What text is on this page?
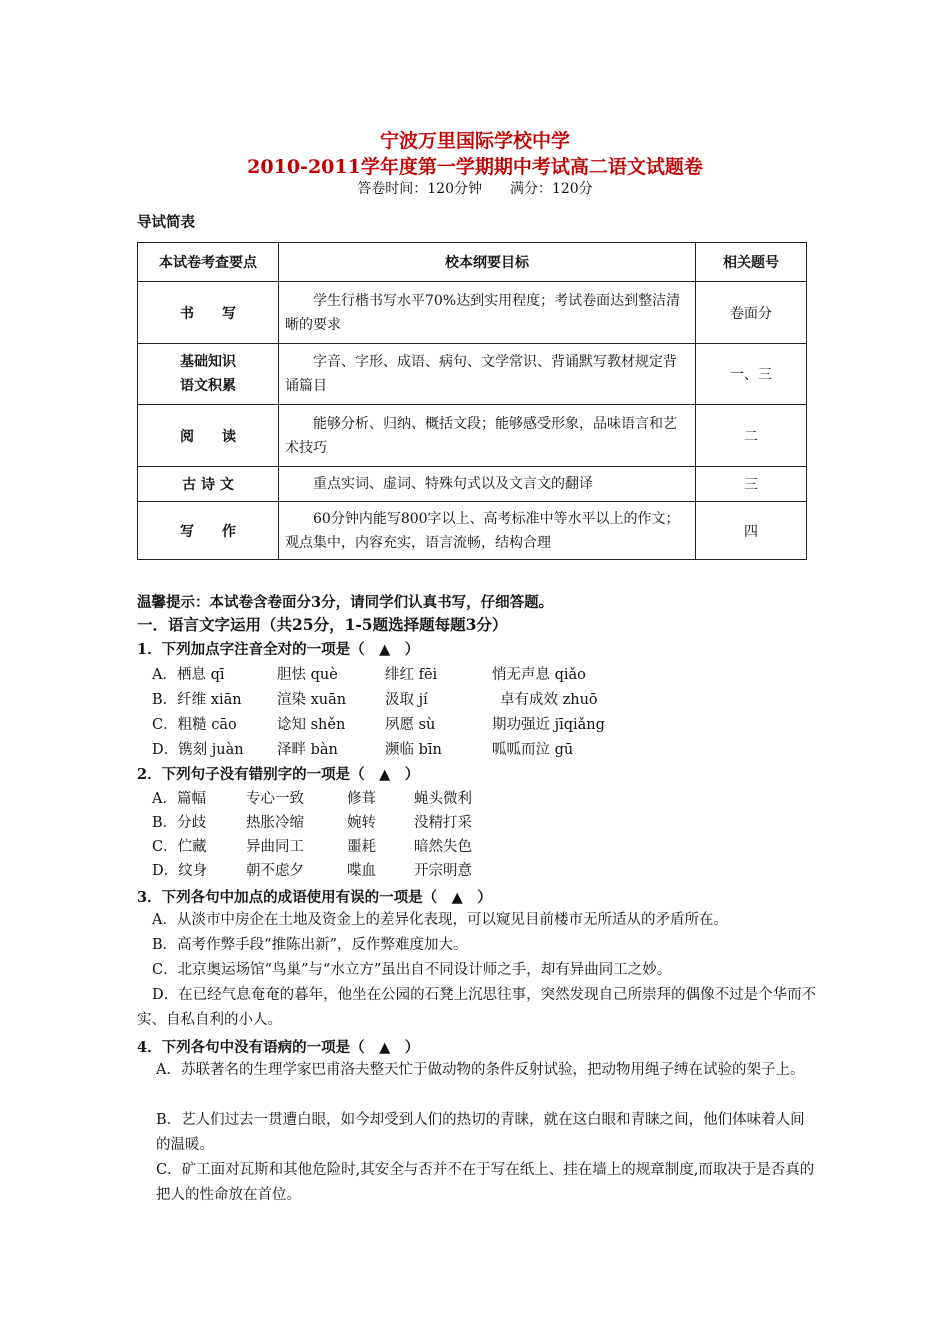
宁波万里国际学校中学
2010-2011学年度第一学期期中考试高二语文试题卷
答卷时间：120分钟　　满分：120分
导试简表
本试卷考查要点	校本纲要目标	相关题号
书　　写	学生行楷书写水平70%达到实用程度；考试卷面达到整洁清晰的要求	卷面分
基础知识
语文积累	字音、字形、成语、病句、文学常识、背诵默写教材规定背诵篇目	一、三
阅　　读	能够分析、归纳、概括文段；能够感受形象，品味语言和艺术技巧	二
古 诗 文	重点实词、虚词、特殊句式以及文言文的翻译	三
写　　作	60分钟内能写800字以上、高考标准中等水平以上的作文；观点集中，内容充实，语言流畅，结构合理	四
温馨提示：本试卷含卷面分3分，请同学们认真书写，仔细答题。
一．语言文字运用（共25分，1-5题选择题每题3分）
1．下列加点字注音全对的一项是（　▲　）
A．栖息 qī	胆怯 què	绯红 fēi	悄无声息 qiǎo
B．纤维 xiān 渲染 xuān	汲取 jí	卓有成效 zhuō
C．粗糙 cāo	谂知 shěn	夙愿 sù	期功强近 jīqiǎng
D．镌刻 juàn 泽畔 bàn	濒临 bīn	呱呱而泣 gū
2．下列句子没有错别字的一项是（　▲　）
A．篇幅	专心一致	修葺	蝇头微利
B．分歧	热胀冷缩	婉转	没精打采
C．伫藏	异曲同工	噩耗	暗然失色
D．纹身	朝不虑夕	喋血	开宗明意
3．下列各句中加点的成语使用有误的一项是（　▲　）
A．从淡市中房企在土地及资金上的差异化表现，可以窥见目前楼市无所适从的矛盾所在。
B．高考作弊手段“推陈出新”，反作弊难度加大。
C．北京奥运场馆“鸟巢”与“水立方”虽出自不同设计师之手，却有异曲同工之妙。
D．在已经气息奄奄的暮年，他坐在公园的石凳上沉思往事，突然发现自己所崇拜的偶像不过是个华而不实、自私自利的小人。
4．下列各句中没有语病的一项是（　▲　）
A．苏联著名的生理学家巴甫洛夫整天忙于做动物的条件反射试验，把动物用绳子缚在试验的架子上。
B．艺人们过去一贯遭白眼，如今却受到人们的热切的青睐，就在这白眼和青睐之间，他们体味着人间的温暖。
C．矿工面对瓦斯和其他危险时,其安全与否并不在于写在纸上、挂在墙上的规章制度,而取决于是否真的把人的性命放在首位。
